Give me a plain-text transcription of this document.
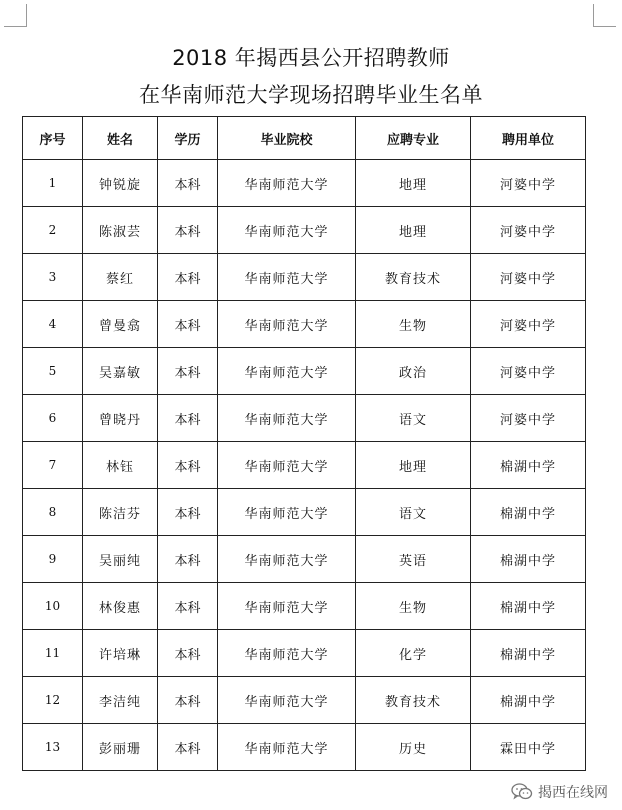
2018 年揭西县公开招聘教师
在华南师范大学现场招聘毕业生名单
序号	姓名	学历	毕业院校	应聘专业	聘用单位
1	钟锐旋	本科	华南师范大学	地理	河婆中学
2	陈淑芸	本科	华南师范大学	地理	河婆中学
3	蔡红	本科	华南师范大学	教育技术	河婆中学
4	曾曼翕	本科	华南师范大学	生物	河婆中学
5	吴嘉敏	本科	华南师范大学	政治	河婆中学
6	曾晓丹	本科	华南师范大学	语文	河婆中学
7	林钰	本科	华南师范大学	地理	棉湖中学
8	陈洁芬	本科	华南师范大学	语文	棉湖中学
9	吴丽纯	本科	华南师范大学	英语	棉湖中学
10	林俊惠	本科	华南师范大学	生物	棉湖中学
11	许培琳	本科	华南师范大学	化学	棉湖中学
12	李洁纯	本科	华南师范大学	教育技术	棉湖中学
13	彭丽珊	本科	华南师范大学	历史	霖田中学
揭西在线网
